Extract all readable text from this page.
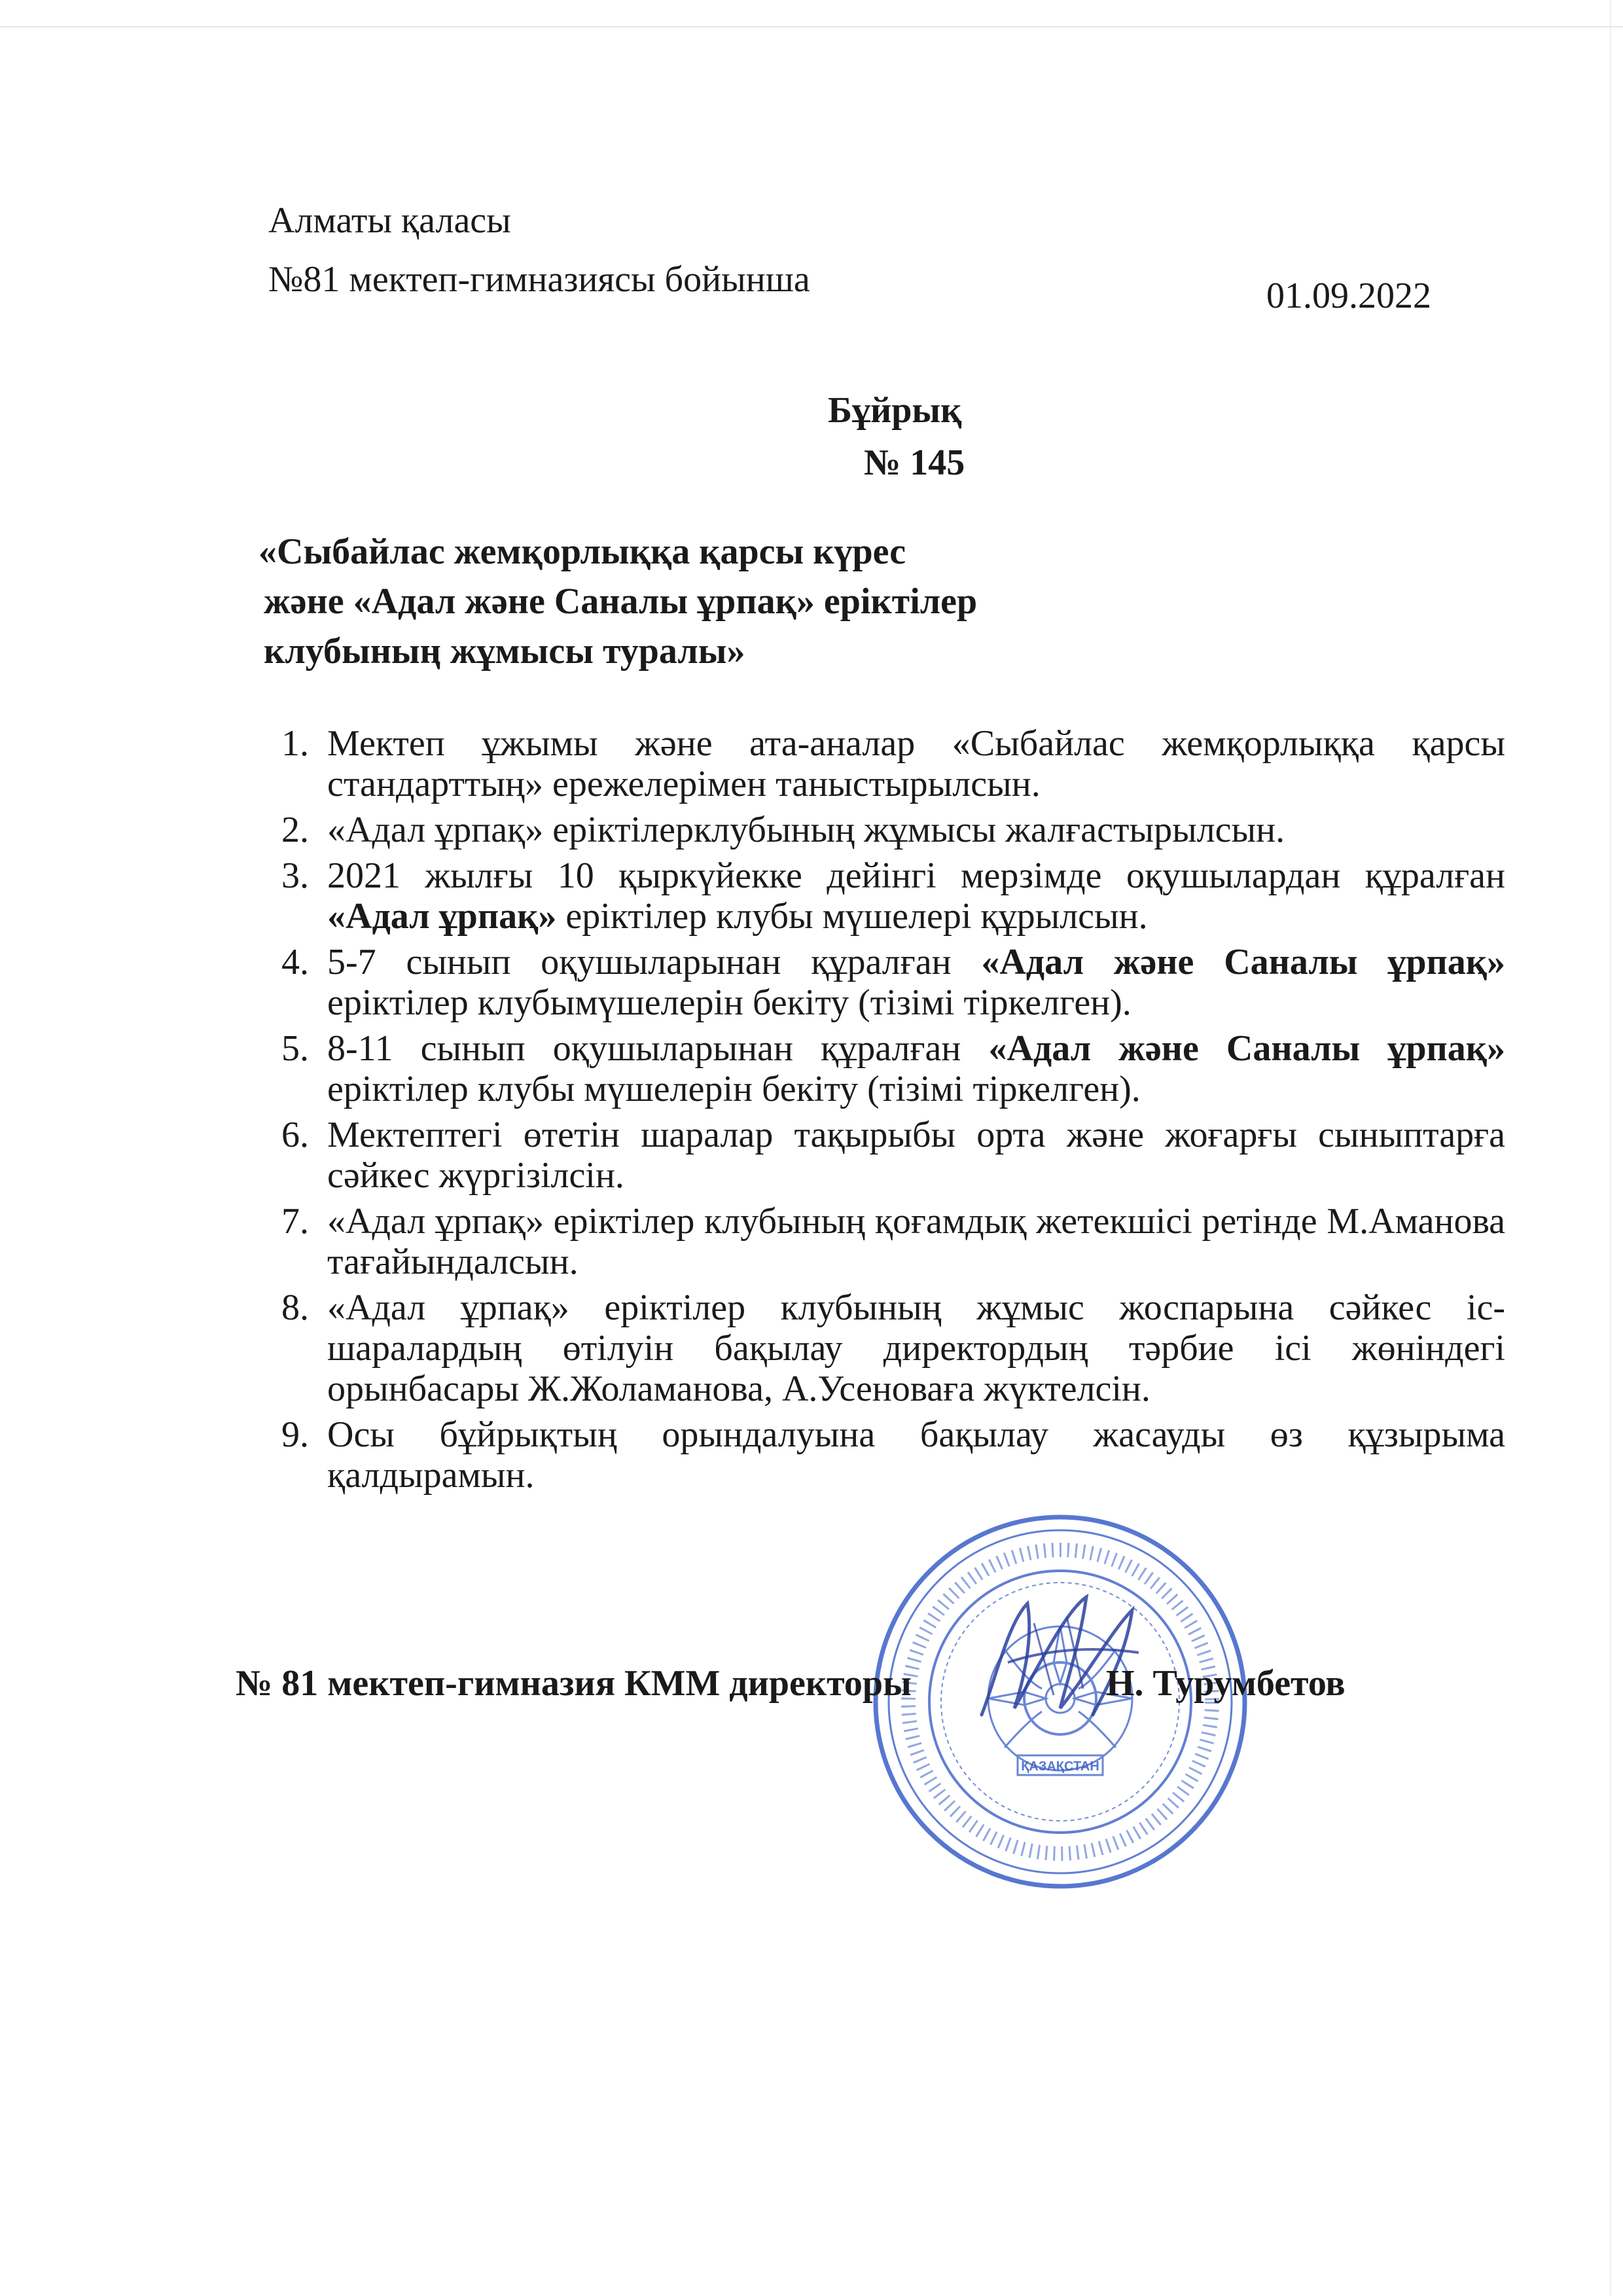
Алматы қаласы
№81 мектеп-гимназиясы бойынша	01.09.2022
Бұйрық
№ 145
«Сыбайлас жемқорлыққа қарсы күрес
және «Адал және Саналы ұрпақ» еріктілер
клубының жұмысы туралы»
1. Мектеп ұжымы және ата-аналар «Сыбайлас жемқорлыққа қарсы стандарттың» ережелерімен таныстырылсын.
2. «Адал ұрпақ» еріктілерклубының жұмысы жалғастырылсын.
3. 2021 жылғы 10 қыркүйекке дейінгі мерзімде оқушылардан құралған «Адал ұрпақ» еріктілер клубы мүшелері құрылсын.
4. 5-7 сынып оқушыларынан құралған «Адал және Саналы ұрпақ» еріктілер клубымүшелерін бекіту (тізімі тіркелген).
5. 8-11 сынып оқушыларынан құралған «Адал және Саналы ұрпақ» еріктілер клубы мүшелерін бекіту (тізімі тіркелген).
6. Мектептегі өтетін шаралар тақырыбы орта және жоғарғы сыныптарға сәйкес жүргізілсін.
7. «Адал ұрпақ» еріктілер клубының қоғамдық жетекшісі ретінде М.Аманова тағайындалсын.
8. «Адал ұрпақ» еріктілер клубының жұмыс жоспарына сәйкес іс-шаралардың өтілуін бақылау директордың тәрбие ісі жөніндегі орынбасары Ж.Жоламанова, А.Усеноваға жүктелсін.
9. Осы бұйрықтың орындалуына бақылау жасауды өз құзырыма қалдырамын.
ҚАЗАҚСТАН
№ 81 мектеп-гимназия КММ директоры	Н. Турумбетов
